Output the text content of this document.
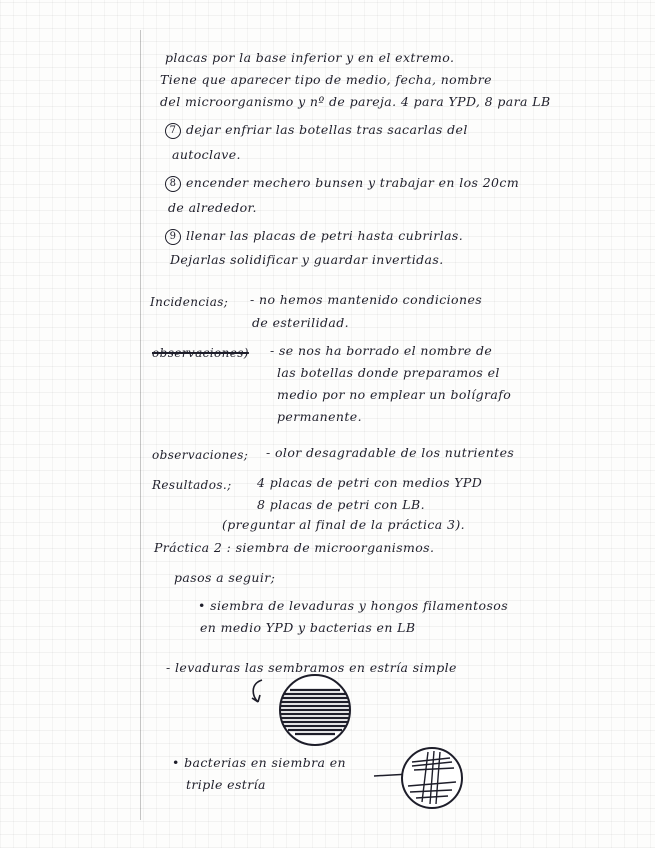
placas por la base inferior y en el extremo.
Tiene que aparecer tipo de medio, fecha, nombre
del microorganismo y nº de pareja. 4 para YPD, 8 para LB
7 dejar enfriar las botellas tras sacarlas del
autoclave.
8 encender mechero bunsen y trabajar en los 20cm
de alrededor.
9 llenar las placas de petri hasta cubrirlas.
Dejarlas solidificar y guardar invertidas.
Incidencias; - no hemos mantenido condiciones
de esterilidad.
observaciones) - se nos ha borrado el nombre de
las botellas donde preparamos el
medio por no emplear un bolígrafo
permanente.
observaciones; - olor desagradable de los nutrientes
Resultados.; 4 placas de petri con medios YPD
8 placas de petri con LB.
(preguntar al final de la práctica 3).
Práctica 2 : siembra de microorganismos.
pasos a seguir;
• siembra de levaduras y hongos filamentosos
en medio YPD y bacterias en LB
- levaduras las sembramos en estría simple
• bacterias en siembra en
triple estría
